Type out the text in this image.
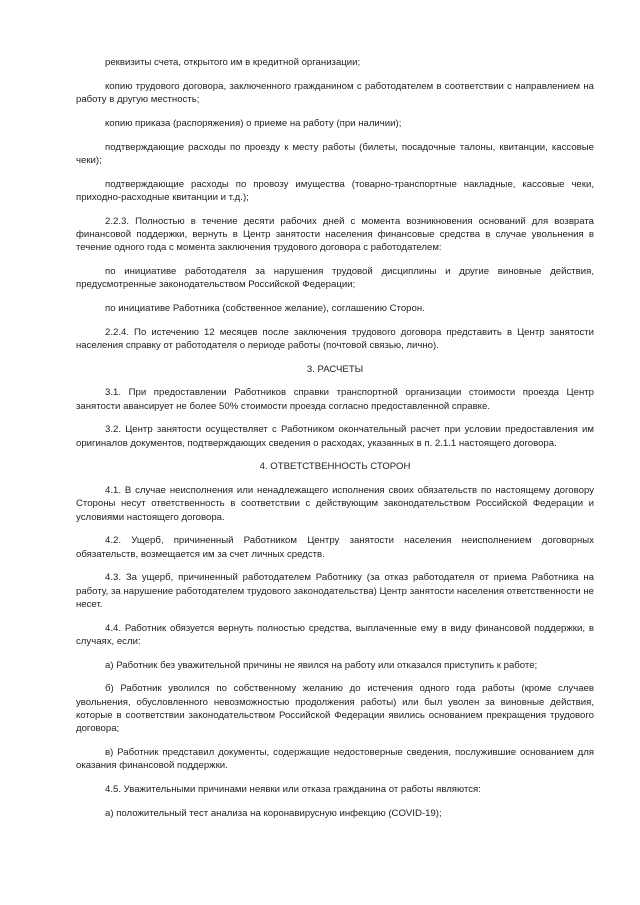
реквизиты счета, открытого им в кредитной организации;

копию трудового договора, заключенного гражданином с работодателем в соответствии с направлением на работу в другую местность;

копию приказа (распоряжения) о приеме на работу (при наличии);

подтверждающие расходы по проезду к месту работы (билеты, посадочные талоны, квитанции, кассовые чеки);

подтверждающие расходы по провозу имущества (товарно-транспортные накладные, кассовые чеки, приходно-расходные квитанции и т.д.);

2.2.3. Полностью в течение десяти рабочих дней с момента возникновения оснований для возврата финансовой поддержки, вернуть в Центр занятости населения финансовые средства в случае увольнения в течение одного года с момента заключения трудового договора с работодателем:

по инициативе работодателя за нарушения трудовой дисциплины и другие виновные действия, предусмотренные законодательством Российской Федерации;

по инициативе Работника (собственное желание), соглашению Сторон.

2.2.4. По истечению 12 месяцев после заключения трудового договора представить в Центр занятости населения справку от работодателя о периоде работы (почтовой связью, лично).

3. РАСЧЕТЫ

3.1. При предоставлении Работников справки транспортной организации стоимости проезда Центр занятости авансирует не более 50% стоимости проезда согласно предоставленной справке.

3.2. Центр занятости осуществляет с Работником окончательный расчет при условии предоставления им оригиналов документов, подтверждающих сведения о расходах, указанных в п. 2.1.1 настоящего договора.

4. ОТВЕТСТВЕННОСТЬ СТОРОН

4.1. В случае неисполнения или ненадлежащего исполнения своих обязательств по настоящему договору Стороны несут ответственность в соответствии с действующим законодательством Российской Федерации и условиями настоящего договора.

4.2. Ущерб, причиненный Работником Центру занятости населения неисполнением договорных обязательств, возмещается им за счет личных средств.

4.3. За ущерб, причиненный работодателем Работнику (за отказ работодателя от приема Работника на работу, за нарушение работодателем трудового законодательства) Центр занятости населения ответственности не несет.

4.4. Работник обязуется вернуть полностью средства, выплаченные ему в виду финансовой поддержки, в случаях, если:

а) Работник без уважительной причины не явился на работу или отказался приступить к работе;

б) Работник уволился по собственному желанию до истечения одного года работы (кроме случаев увольнения, обусловленного невозможностью продолжения работы) или был уволен за виновные действия, которые в соответствии законодательством Российской Федерации явились основанием прекращения трудового договора;

в) Работник представил документы, содержащие недостоверные сведения, послужившие основанием для оказания финансовой поддержки.

4.5. Уважительными причинами неявки или отказа гражданина от работы являются:

а) положительный тест анализа на коронавирусную инфекцию (COVID-19);
